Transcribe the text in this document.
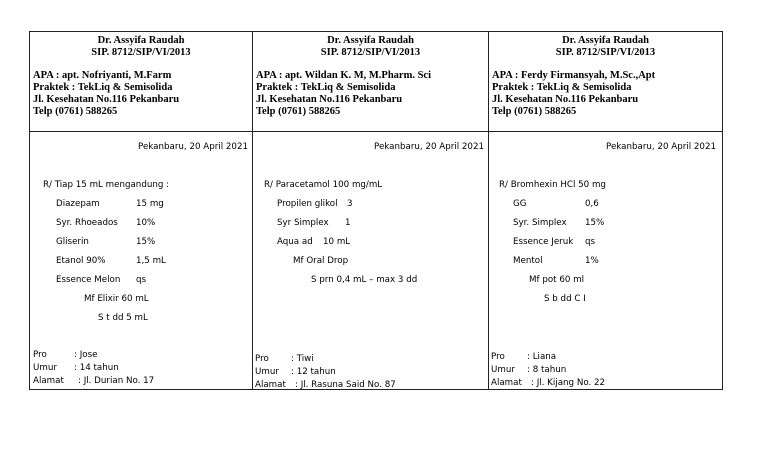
Dr. Assyifa Raudah
SIP. 8712/SIP/VI/2013
APA : apt. Nofriyanti, M.Farm
Praktek : TekLiq & Semisolida
Jl. Kesehatan No.116 Pekanbaru
Telp (0761) 588265
Pekanbaru, 20 April 2021
R/ Tiap 15 mL mengandung :
Diazepam	15 mg
Syr. Rhoeados 10%
Gliserin	15%
Etanol 90%	1,5 mL
Essence Melon qs
Mf Elixir 60 mL
S t dd 5 mL
Pro	: Jose
Umur : 14 tahun
Alamat : Jl. Durian No. 17
Dr. Assyifa Raudah
SIP. 8712/SIP/VI/2013
APA : apt. Wildan K. M, M.Pharm. Sci
Praktek : TekLiq & Semisolida
Jl. Kesehatan No.116 Pekanbaru
Telp (0761) 588265
Pekanbaru, 20 April 2021
R/ Paracetamol 100 mg/mL
Propilen glikol 3
Syr Simplex 1
Aqua ad 10 mL
Mf Oral Drop
S prn 0,4 mL – max 3 dd
Pro	: Tiwi
Umur : 12 tahun
Alamat : Jl. Rasuna Said No. 87
Dr. Assyifa Raudah
SIP. 8712/SIP/VI/2013
APA : Ferdy Firmansyah, M.Sc.,Apt
Praktek : TekLiq & Semisolida
Jl. Kesehatan No.116 Pekanbaru
Telp (0761) 588265
Pekanbaru, 20 April 2021
R/ Bromhexin HCl 50 mg
GG	0,6
Syr. Simplex 15%
Essence Jeruk qs
Mentol	1%
Mf pot 60 ml
S b dd C I
Pro	: Liana
Umur : 8 tahun
Alamat : Jl. Kijang No. 22
